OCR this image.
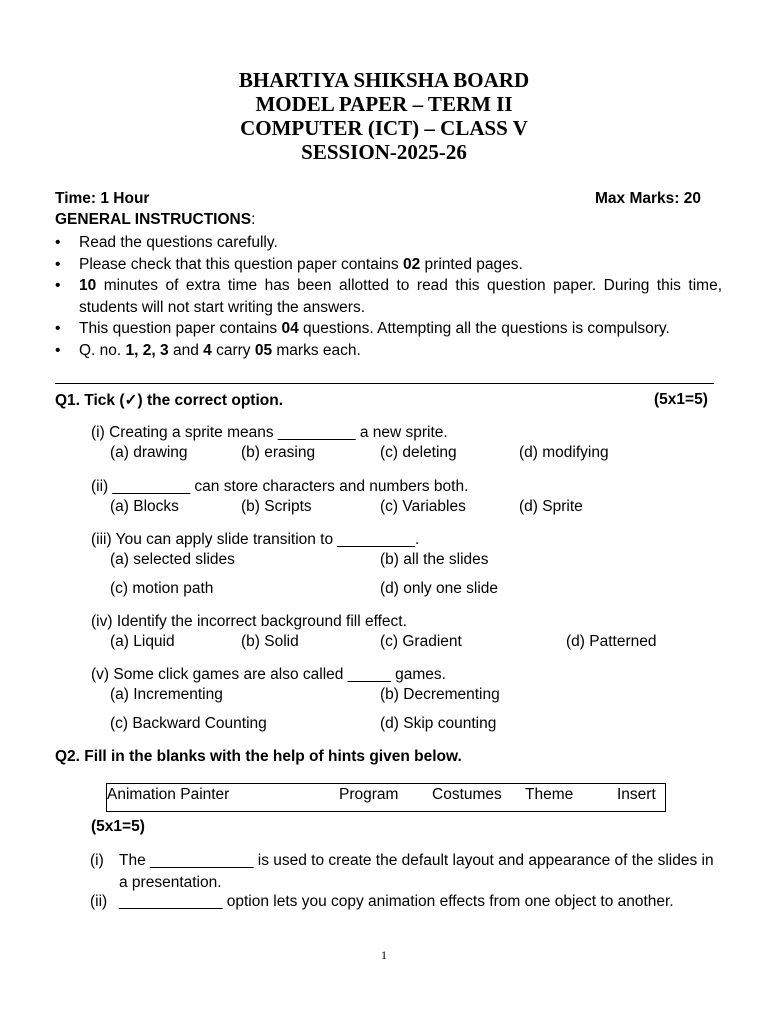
BHARTIYA SHIKSHA BOARD
MODEL PAPER – TERM II
COMPUTER (ICT) – CLASS V
SESSION-2025-26
Time: 1 Hour	Max Marks: 20
GENERAL INSTRUCTIONS:
• Read the questions carefully.
• Please check that this question paper contains 02 printed pages.
• 10 minutes of extra time has been allotted to read this question paper. During this time, students will not start writing the answers.
• This question paper contains 04 questions. Attempting all the questions is compulsory.
• Q. no. 1, 2, 3 and 4 carry 05 marks each.
Q1. Tick (✓) the correct option.	(5x1=5)
(i) Creating a sprite means _________ a new sprite.
(a) drawing	(b) erasing	(c) deleting	(d) modifying
(ii) _________ can store characters and numbers both.
(a) Blocks	(b) Scripts	(c) Variables	(d) Sprite
(iii) You can apply slide transition to _________.
(a) selected slides	(b) all the slides
(c) motion path	(d) only one slide
(iv) Identify the incorrect background fill effect.
(a) Liquid	(b) Solid	(c) Gradient	(d) Patterned
(v) Some click games are also called _____ games.
(a) Incrementing	(b) Decrementing
(c) Backward Counting	(d) Skip counting
Q2. Fill in the blanks with the help of hints given below.
Animation Painter	Program Costumes Theme	Insert
(5x1=5)
(i) The ____________ is used to create the default layout and appearance of the slides in a presentation.
(ii) ____________ option lets you copy animation effects from one object to another.
1
